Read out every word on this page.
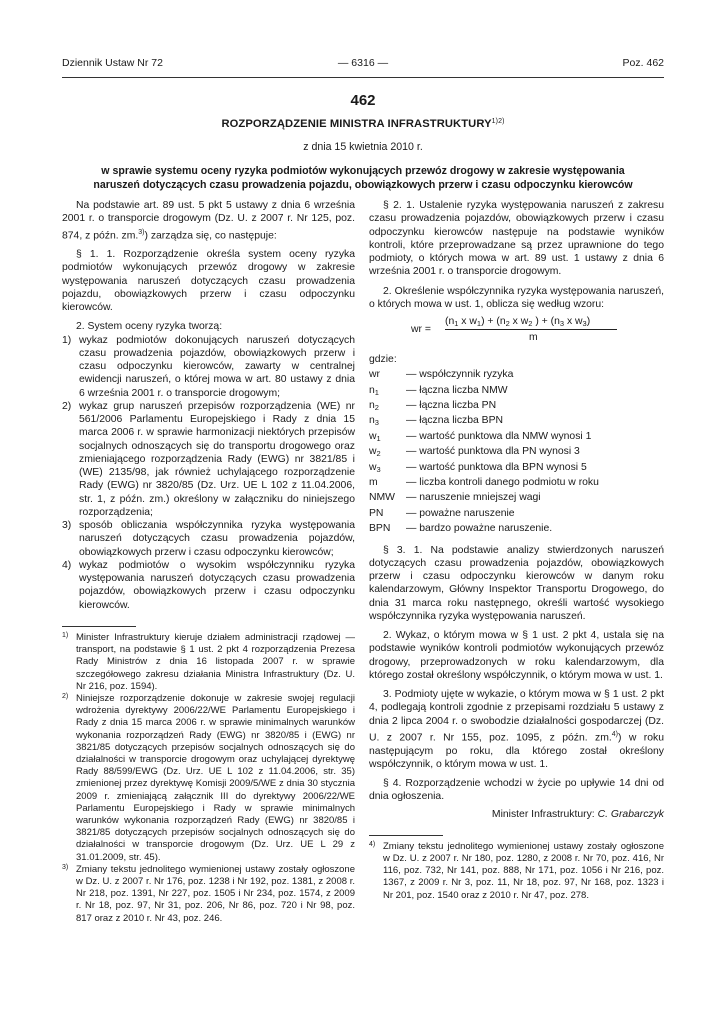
Dziennik Ustaw Nr 72	— 6316 —	Poz. 462
462
ROZPORZĄDZENIE MINISTRA $INFRASTRUKTURY^{1)2)}$
z dnia 15 kwietnia 2010 r.
w sprawie systemu oceny ryzyka podmiotów wykonujących przewóz drogowy w zakresie występowania
naruszeń dotyczących czasu prowadzenia pojazdu, obowiązkowych przerw i czasu odpoczynku kierowców

Na podstawie art. 89 ust. 5 pkt 5 ustawy z dnia 6 września 2001 r. o transporcie drogowym (Dz. U. z 2007 r. Nr 125, poz. 874, z późn. zm.$^{3)}$) zarządza się, co następuje:

§ 1. 1. Rozporządzenie określa system oceny ryzyka podmiotów wykonujących przewóz drogowy w zakresie występowania naruszeń dotyczących czasu prowadzenia pojazdu, obowiązkowych przerw i czasu odpoczynku kierowców.

2. System oceny ryzyka tworzą:

1) wykaz podmiotów dokonujących naruszeń dotyczących czasu prowadzenia pojazdów, obowiązkowych przerw i czasu odpoczynku kierowców, zawarty w centralnej ewidencji naruszeń, o której mowa w art. 80 ustawy z dnia 6 września 2001 r. o transporcie drogowym;
2) wykaz grup naruszeń przepisów rozporządzenia (WE) nr 561/2006 Parlamentu Europejskiego i Rady z dnia 15 marca 2006 r. w sprawie harmonizacji niektórych przepisów socjalnych odnoszących się do transportu drogowego oraz zmieniającego rozporządzenia Rady (EWG) nr 3821/85 i (WE) 2135/98, jak również uchylającego rozporządzenie Rady (EWG) nr 3820/85 (Dz. Urz. UE L 102 z 11.04.2006, str. 1, z późn. zm.) określony w załączniku do niniejszego rozporządzenia;
3) sposób obliczania współczynnika ryzyka występowania naruszeń dotyczących czasu prowadzenia pojazdów, obowiązkowych przerw i czasu odpoczynku kierowców;
4) wykaz podmiotów o wysokim współczynniku ryzyka występowania naruszeń dotyczących czasu prowadzenia pojazdów, obowiązkowych przerw i czasu odpoczynku kierowców.
1) Minister Infrastruktury kieruje działem administracji rządowej — transport, na podstawie § 1 ust. 2 pkt 4 rozporządzenia Prezesa Rady Ministrów z dnia 16 listopada 2007 r. w sprawie szczegółowego zakresu działania Ministra Infrastruktury (Dz. U. Nr 216, poz. 1594).
2) Niniejsze rozporządzenie dokonuje w zakresie swojej regulacji wdrożenia dyrektywy 2006/22/WE Parlamentu Europejskiego i Rady z dnia 15 marca 2006 r. w sprawie minimalnych warunków wykonania rozporządzeń Rady (EWG) nr 3820/85 i (EWG) nr 3821/85 dotyczących przepisów socjalnych odnoszących się do działalności w transporcie drogowym oraz uchylającej dyrektywę Rady 88/599/EWG (Dz. Urz. UE L 102 z 11.04.2006, str. 35) zmienionej przez dyrektywę Komisji 2009/5/WE z dnia 30 stycznia 2009 r. zmieniającą załącznik III do dyrektywy 2006/22/WE Parlamentu Europejskiego i Rady w sprawie minimalnych warunków wykonania rozporządzeń Rady (EWG) nr 3820/85 i 3821/85 dotyczących przepisów socjalnych odnoszących się do działalności w transporcie drogowym (Dz. Urz. UE L 29 z 31.01.2009, str. 45).
3) Zmiany tekstu jednolitego wymienionej ustawy zostały ogłoszone w Dz. U. z 2007 r. Nr 176, poz. 1238 i Nr 192, poz. 1381, z 2008 r. Nr 218, poz. 1391, Nr 227, poz. 1505 i Nr 234, poz. 1574, z 2009 r. Nr 18, poz. 97, Nr 31, poz. 206, Nr 86, poz. 720 i Nr 98, poz. 817 oraz z 2010 r. Nr 43, poz. 246.

§ 2. 1. Ustalenie ryzyka występowania naruszeń z zakresu czasu prowadzenia pojazdów, obowiązkowych przerw i czasu odpoczynku kierowców następuje na podstawie wyników kontroli, które przeprowadzane są przez uprawnione do tego podmioty, o których mowa w art. 89 ust. 1 ustawy z dnia 6 września 2001 r. o transporcie drogowym.

2. Określenie współczynnika ryzyka występowania naruszeń, o których mowa w ust. 1, oblicza się według wzoru:

wr =
($n_1$ x $w_1) + (n_2$ x $w_2$ ) + ($n_3$ x $w_3$)
m
gdzie:
wr	— współczynnik ryzyka
$n_1$	— łączna liczba NMW
$n_2$	— łączna liczba PN
$n_3$	— łączna liczba BPN
$w_1$	— wartość punktowa dla NMW wynosi 1
$w_2$	— wartość punktowa dla PN wynosi 3
$w_3$	— wartość punktowa dla BPN wynosi 5
m	— liczba kontroli danego podmiotu w roku
NMW	— naruszenie mniejszej wagi
PN	— poważne naruszenie
BPN	— bardzo poważne naruszenie.

§ 3. 1. Na podstawie analizy stwierdzonych naruszeń dotyczących czasu prowadzenia pojazdów, obowiązkowych przerw i czasu odpoczynku kierowców w danym roku kalendarzowym, Główny Inspektor Transportu Drogowego, do dnia 31 marca roku następnego, określi wartość wysokiego współczynnika ryzyka występowania naruszeń.

2. Wykaz, o którym mowa w § 1 ust. 2 pkt 4, ustala się na podstawie wyników kontroli podmiotów wykonujących przewóz drogowy, przeprowadzonych w roku kalendarzowym, dla którego został określony współczynnik, o którym mowa w ust. 1.

3. Podmioty ujęte w wykazie, o którym mowa w § 1 ust. 2 pkt 4, podlegają kontroli zgodnie z przepisami rozdziału 5 ustawy z dnia 2 lipca 2004 r. o swobodzie działalności gospodarczej (Dz. U. z 2007 r. Nr 155, poz. 1095, z późn. zm.$^{4)}$) w roku następującym po roku, dla którego został określony współczynnik, o którym mowa w ust. 1.

§ 4. Rozporządzenie wchodzi w życie po upływie 14 dni od dnia ogłoszenia.

Minister Infrastruktury: C. Grabarczyk
4) Zmiany tekstu jednolitego wymienionej ustawy zostały ogłoszone w Dz. U. z 2007 r. Nr 180, poz. 1280, z 2008 r. Nr 70, poz. 416, Nr 116, poz. 732, Nr 141, poz. 888, Nr 171, poz. 1056 i Nr 216, poz. 1367, z 2009 r. Nr 3, poz. 11, Nr 18, poz. 97, Nr 168, poz. 1323 i Nr 201, poz. 1540 oraz z 2010 r. Nr 47, poz. 278.
